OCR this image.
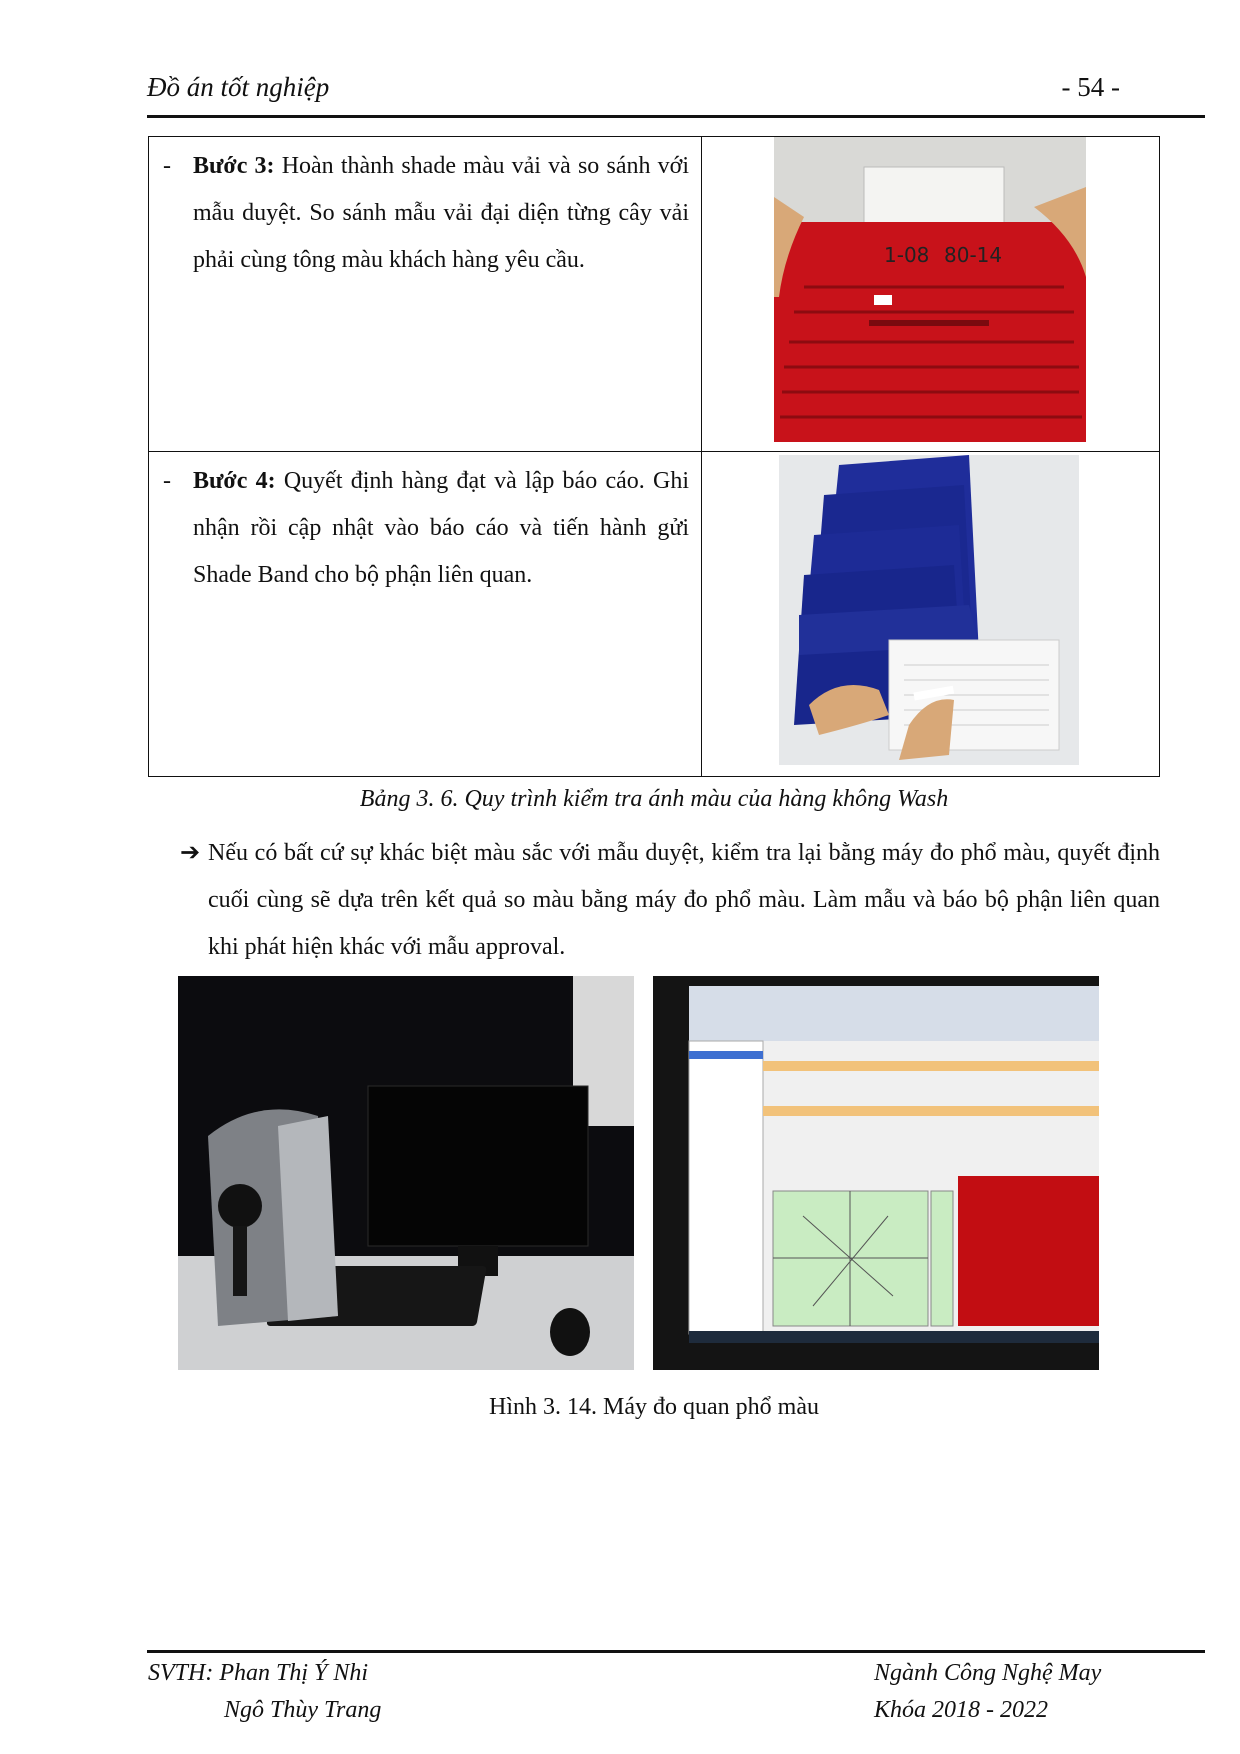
Đồ án tốt nghiệp	- 54 -
- Bước 3: Hoàn thành shade màu vải và so sánh với mẫu duyệt. So sánh mẫu vải đại diện từng cây vải phải cùng tông màu khách hàng yêu cầu.	1-08 80-14

- Bước 4: Quyết định hàng đạt và lập báo cáo. Ghi nhận rồi cập nhật vào báo cáo và tiến hành gửi Shade Band cho bộ phận liên quan.

Bảng 3. 6. Quy trình kiểm tra ánh màu của hàng không Wash
➔ Nếu có bất cứ sự khác biệt màu sắc với mẫu duyệt, kiểm tra lại bằng máy đo phổ màu, quyết định cuối cùng sẽ dựa trên kết quả so màu bằng máy đo phổ màu. Làm mẫu và báo bộ phận liên quan khi phát hiện khác với mẫu approval.
Hình 3. 14. Máy đo quan phổ màu
SVTH: Phan Thị Ý Nhi
Ngô Thùy Trang
Ngành Công Nghệ May
Khóa 2018 - 2022
